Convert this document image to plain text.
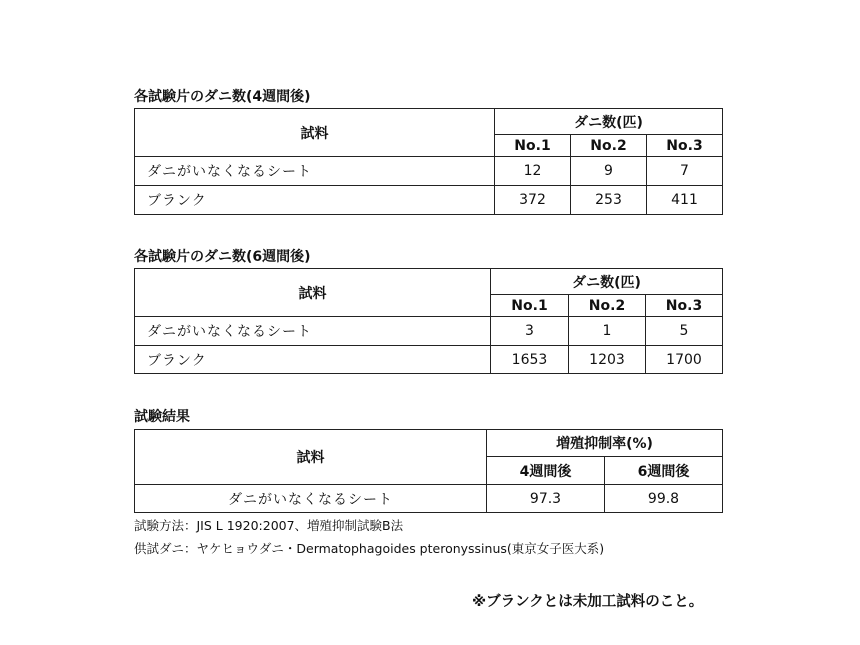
各試験片のダニ数(4週間後)
試料	ダニ数(匹)		
	No.1	No.2	No.3
ダニがいなくなるシート	12	9	7
ブランク	372	253	411
各試験片のダニ数(6週間後)
試料	ダニ数(匹)		
	No.1	No.2	No.3
ダニがいなくなるシート	3	1	5
ブランク	1653	1203	1700
試験結果
試料	増殖抑制率(%)	
	4週間後	6週間後
ダニがいなくなるシート	97.3	99.8

試験方法：JIS L 1920:2007、増殖抑制試験B法

供試ダニ：ヤケヒョウダニ・Dermatophagoides pteronyssinus(東京女子医大系)

※ブランクとは未加工試料のこと。
